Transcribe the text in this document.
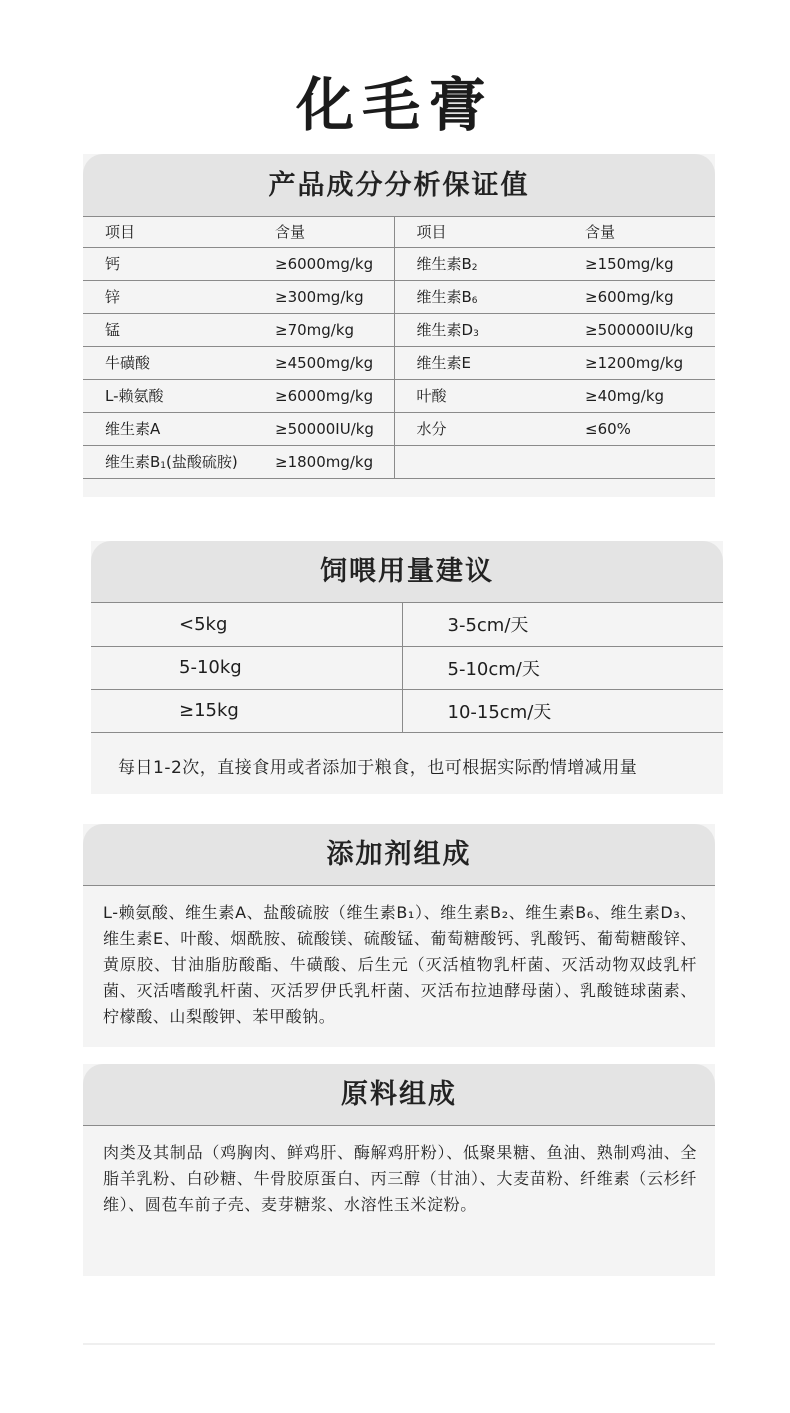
化毛膏
产品成分分析保证值
项目	含量	项目	含量
钙	≥6000mg/kg	维生素$B_2$	≥150mg/kg
锌	≥300mg/kg	维生素$B_6$	≥600mg/kg
锰	≥70mg/kg	维生素$D_3$	≥500000IU/kg
牛磺酸	≥4500mg/kg	维生素E	≥1200mg/kg
L-赖氨酸	≥6000mg/kg	叶酸	≥40mg/kg
维生素A	≥50000IU/kg	水分	≤60%
维生素$B_1$(盐酸硫胺)	≥1800mg/kg		
饲喂用量建议
<5kg	3-5cm/天
5-10kg	5-10cm/天
≥15kg	10-15cm/天
每日1-2次，直接食用或者添加于粮食，也可根据实际酌情增减用量
添加剂组成
L-赖氨酸、维生素A、盐酸硫胺（维生素B₁）、维生素B₂、维生素B₆、维生素D₃、维生素E、叶酸、烟酰胺、硫酸镁、硫酸锰、葡萄糖酸钙、乳酸钙、葡萄糖酸锌、黄原胶、甘油脂肪酸酯、牛磺酸、后生元（灭活植物乳杆菌、灭活动物双歧乳杆菌、灭活嗜酸乳杆菌、灭活罗伊氏乳杆菌、灭活布拉迪酵母菌）、乳酸链球菌素、柠檬酸、山梨酸钾、苯甲酸钠。
原料组成
肉类及其制品（鸡胸肉、鲜鸡肝、酶解鸡肝粉）、低聚果糖、鱼油、熟制鸡油、全脂羊乳粉、白砂糖、牛骨胶原蛋白、丙三醇（甘油）、大麦苗粉、纤维素（云杉纤维）、圆苞车前子壳、麦芽糖浆、水溶性玉米淀粉。
